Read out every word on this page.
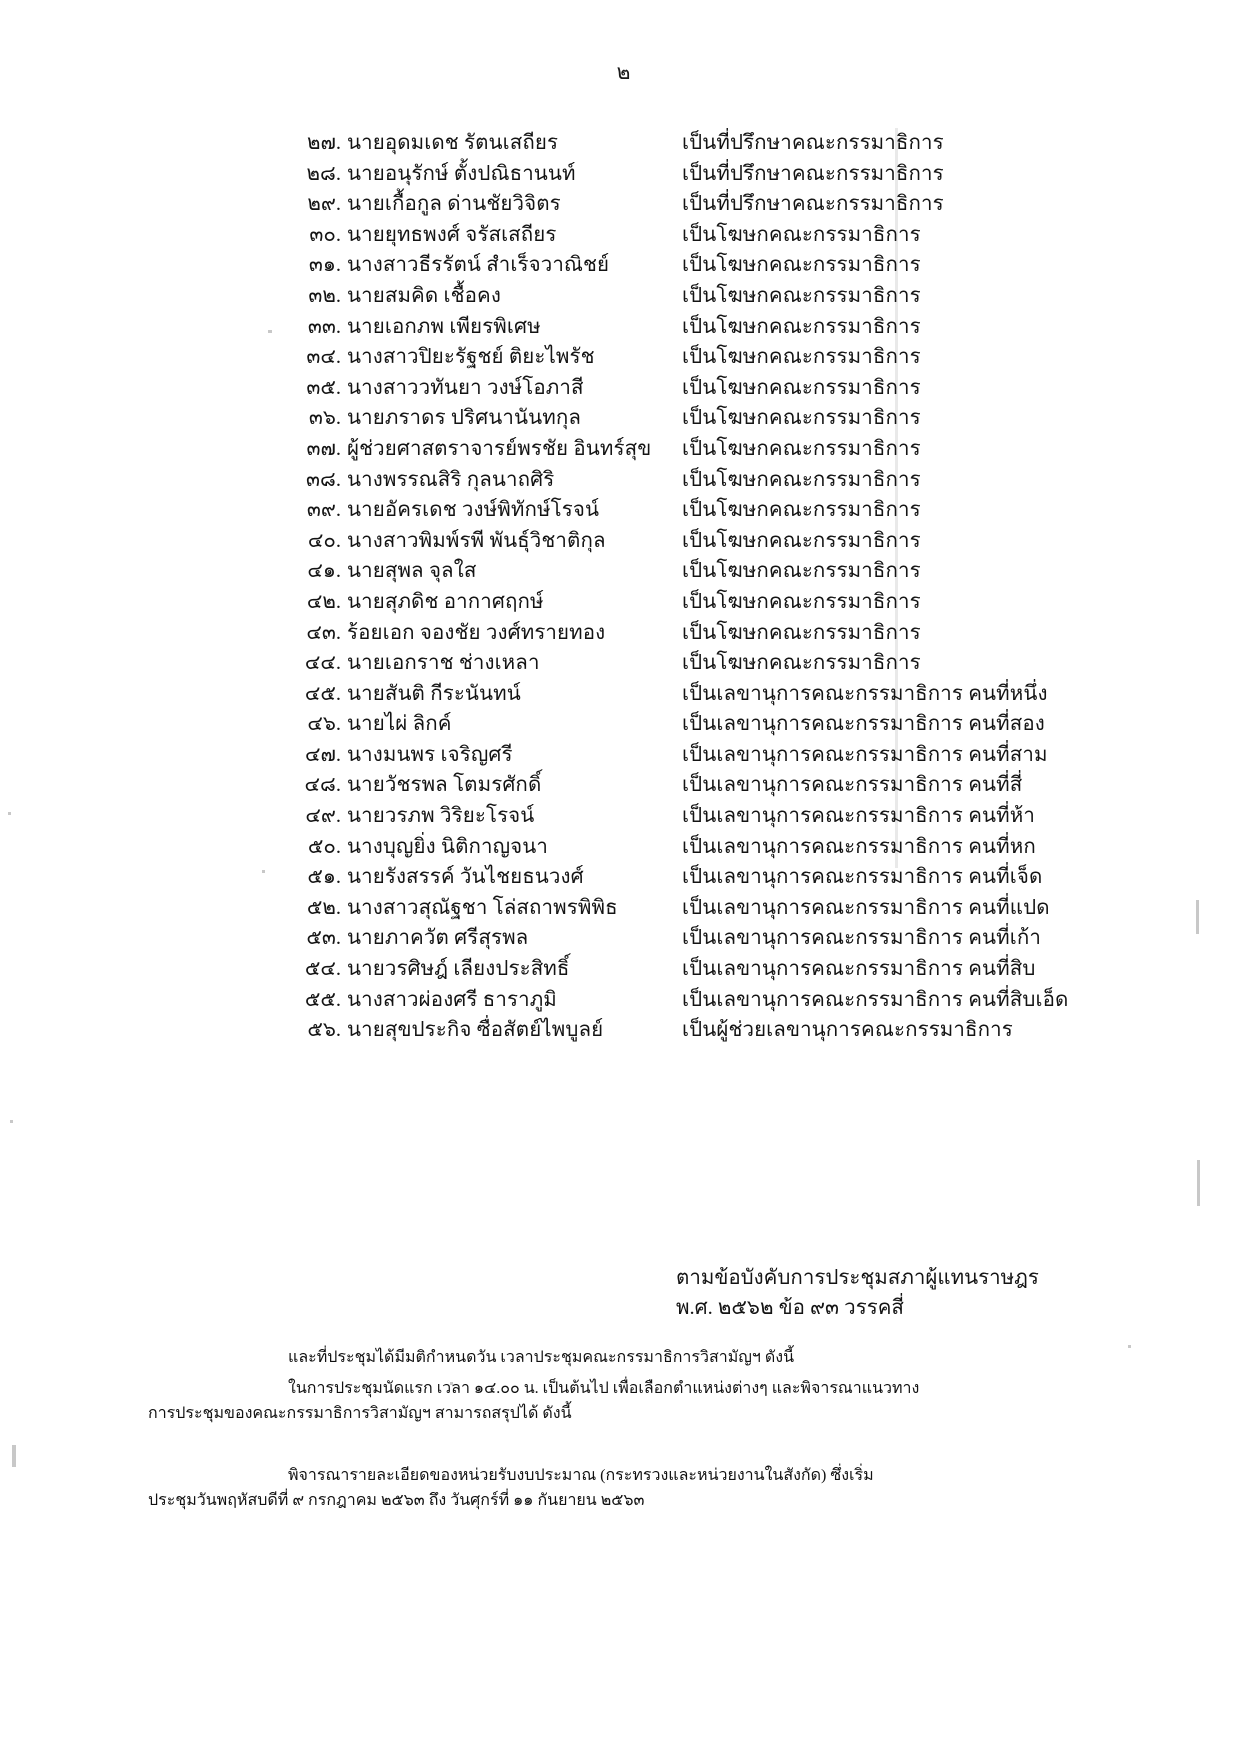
๒
๒๗. นายอุดมเดช รัตนเสถียร	เป็นที่ปรึกษาคณะกรรมาธิการ
๒๘. นายอนุรักษ์ ตั้งปณิธานนท์	เป็นที่ปรึกษาคณะกรรมาธิการ
๒๙. นายเกื้อกูล ด่านชัยวิจิตร	เป็นที่ปรึกษาคณะกรรมาธิการ
๓๐. นายยุทธพงศ์ จรัสเสถียร	เป็นโฆษกคณะกรรมาธิการ
๓๑. นางสาวธีรรัตน์ สำเร็จวาณิชย์	เป็นโฆษกคณะกรรมาธิการ
๓๒. นายสมคิด เชื้อคง	เป็นโฆษกคณะกรรมาธิการ
๓๓. นายเอกภพ เพียรพิเศษ	เป็นโฆษกคณะกรรมาธิการ
๓๔. นางสาวปิยะรัฐชย์ ติยะไพรัช	เป็นโฆษกคณะกรรมาธิการ
๓๕. นางสาววทันยา วงษ์โอภาสี	เป็นโฆษกคณะกรรมาธิการ
๓๖. นายภราดร ปริศนานันทกุล	เป็นโฆษกคณะกรรมาธิการ
๓๗. ผู้ช่วยศาสตราจารย์พรชัย อินทร์สุข	เป็นโฆษกคณะกรรมาธิการ
๓๘. นางพรรณสิริ กุลนาถศิริ	เป็นโฆษกคณะกรรมาธิการ
๓๙. นายอัครเดช วงษ์พิทักษ์โรจน์	เป็นโฆษกคณะกรรมาธิการ
๔๐. นางสาวพิมพ์รพี พันธุ์วิชาติกุล	เป็นโฆษกคณะกรรมาธิการ
๔๑. นายสุพล จุลใส	เป็นโฆษกคณะกรรมาธิการ
๔๒. นายสุภดิช อากาศฤกษ์	เป็นโฆษกคณะกรรมาธิการ
๔๓. ร้อยเอก จองชัย วงศ์ทรายทอง	เป็นโฆษกคณะกรรมาธิการ
๔๔. นายเอกราช ช่างเหลา	เป็นโฆษกคณะกรรมาธิการ
๔๕. นายสันติ กีระนันทน์	เป็นเลขานุการคณะกรรมาธิการ คนที่หนึ่ง
๔๖. นายไผ่ ลิกค์	เป็นเลขานุการคณะกรรมาธิการ คนที่สอง
๔๗. นางมนพร เจริญศรี	เป็นเลขานุการคณะกรรมาธิการ คนที่สาม
๔๘. นายวัชรพล โตมรศักดิ์	เป็นเลขานุการคณะกรรมาธิการ คนที่สี่
๔๙. นายวรภพ วิริยะโรจน์	เป็นเลขานุการคณะกรรมาธิการ คนที่ห้า
๕๐. นางบุญยิ่ง นิติกาญจนา	เป็นเลขานุการคณะกรรมาธิการ คนที่หก
๕๑. นายรังสรรค์ วันไชยธนวงศ์	เป็นเลขานุการคณะกรรมาธิการ คนที่เจ็ด
๕๒. นางสาวสุณัฐชา โล่สถาพรพิพิธ	เป็นเลขานุการคณะกรรมาธิการ คนที่แปด
๕๓. นายภาควัต ศรีสุรพล	เป็นเลขานุการคณะกรรมาธิการ คนที่เก้า
๕๔. นายวรศิษฎ์ เลียงประสิทธิ์	เป็นเลขานุการคณะกรรมาธิการ คนที่สิบ
๕๕. นางสาวผ่องศรี ธาราภูมิ	เป็นเลขานุการคณะกรรมาธิการ คนที่สิบเอ็ด
๕๖. นายสุขประกิจ ซื่อสัตย์ไพบูลย์	เป็นผู้ช่วยเลขานุการคณะกรรมาธิการ
ตามข้อบังคับการประชุมสภาผู้แทนราษฎร
พ.ศ. ๒๕๖๒ ข้อ ๙๓ วรรคสี่
และที่ประชุมได้มีมติกำหนดวัน เวลาประชุมคณะกรรมาธิการวิสามัญฯ ดังนี้
ในการประชุมนัดแรก เวลา ๑๔.๐๐ น. เป็นต้นไป เพื่อเลือกตำแหน่งต่างๆ และพิจารณาแนวทาง
การประชุมของคณะกรรมาธิการวิสามัญฯ สามารถสรุปได้ ดังนี้
พิจารณารายละเอียดของหน่วยรับงบประมาณ (กระทรวงและหน่วยงานในสังกัด) ซึ่งเริ่ม
ประชุมวันพฤหัสบดีที่ ๙ กรกฎาคม ๒๕๖๓ ถึง วันศุกร์ที่ ๑๑ กันยายน ๒๕๖๓
